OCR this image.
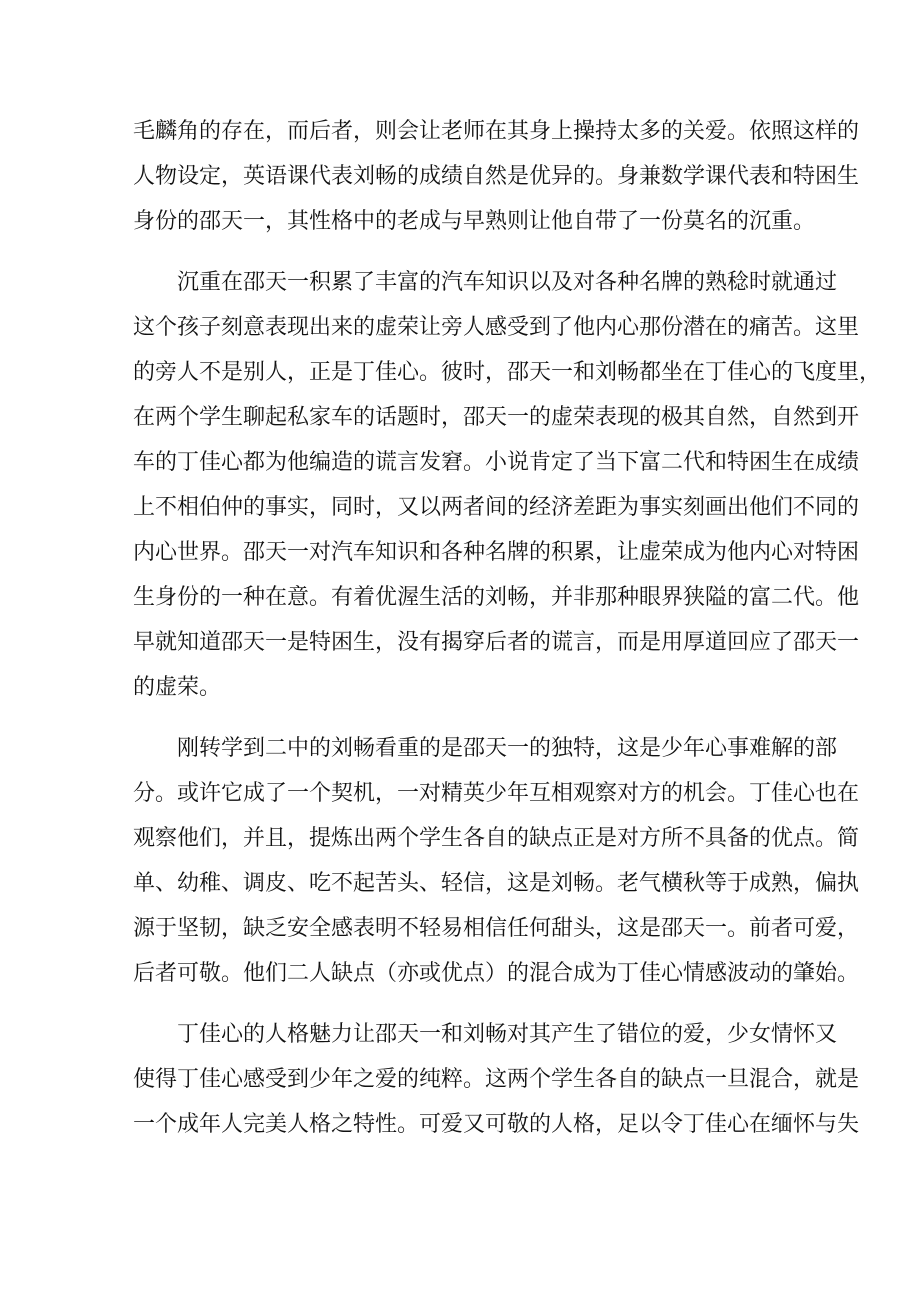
毛麟角的存在，而后者，则会让老师在其身上操持太多的关爱。依照这样的
人物设定，英语课代表刘畅的成绩自然是优异的。身兼数学课代表和特困生
身份的邵天一，其性格中的老成与早熟则让他自带了一份莫名的沉重。
沉重在邵天一积累了丰富的汽车知识以及对各种名牌的熟稔时就通过
这个孩子刻意表现出来的虚荣让旁人感受到了他内心那份潜在的痛苦。这里
的旁人不是别人，正是丁佳心。彼时，邵天一和刘畅都坐在丁佳心的飞度里，
在两个学生聊起私家车的话题时，邵天一的虚荣表现的极其自然，自然到开
车的丁佳心都为他编造的谎言发窘。小说肯定了当下富二代和特困生在成绩
上不相伯仲的事实，同时，又以两者间的经济差距为事实刻画出他们不同的
内心世界。邵天一对汽车知识和各种名牌的积累，让虚荣成为他内心对特困
生身份的一种在意。有着优渥生活的刘畅，并非那种眼界狭隘的富二代。他
早就知道邵天一是特困生，没有揭穿后者的谎言，而是用厚道回应了邵天一
的虚荣。
刚转学到二中的刘畅看重的是邵天一的独特，这是少年心事难解的部
分。或许它成了一个契机，一对精英少年互相观察对方的机会。丁佳心也在
观察他们，并且，提炼出两个学生各自的缺点正是对方所不具备的优点。简
单、幼稚、调皮、吃不起苦头、轻信，这是刘畅。老气横秋等于成熟，偏执
源于坚韧，缺乏安全感表明不轻易相信任何甜头，这是邵天一。前者可爱，
后者可敬。他们二人缺点（亦或优点）的混合成为丁佳心情感波动的肇始。
丁佳心的人格魅力让邵天一和刘畅对其产生了错位的爱，少女情怀又
使得丁佳心感受到少年之爱的纯粹。这两个学生各自的缺点一旦混合，就是
一个成年人完美人格之特性。可爱又可敬的人格，足以令丁佳心在缅怀与失
